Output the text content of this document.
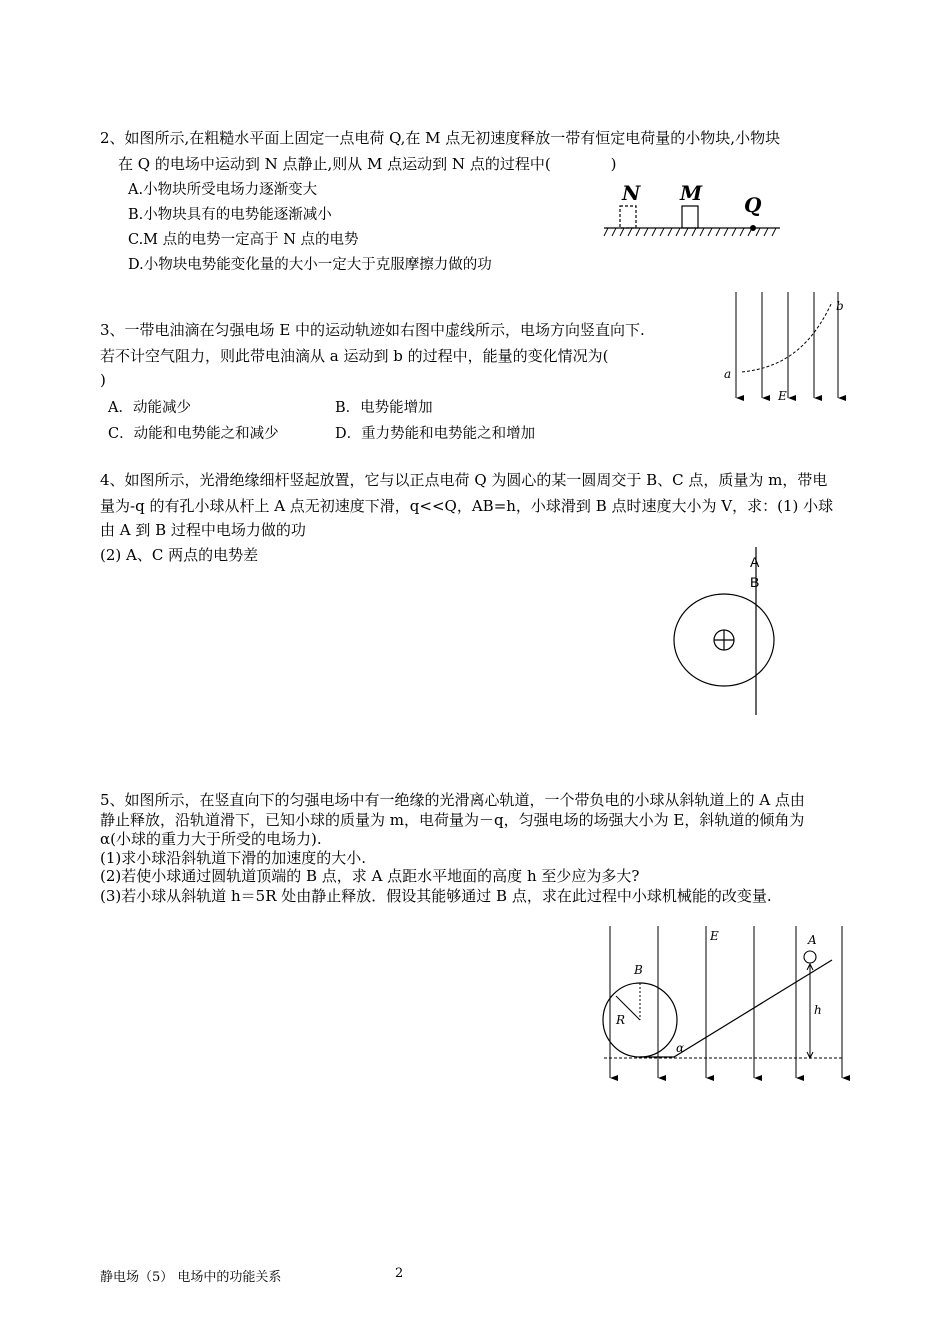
2、如图所示,在粗糙水平面上固定一点电荷 Q,在 M 点无初速度释放一带有恒定电荷量的小物块,小物块
在 Q 的电场中运动到 N 点静止,则从 M 点运动到 N 点的过程中(　　　　)
A.小物块所受电场力逐渐变大
B.小物块具有的电势能逐渐减小
C.M 点的电势一定高于 N 点的电势
D.小物块电势能变化量的大小一定大于克服摩擦力做的功
N M Q
3、一带电油滴在匀强电场 E 中的运动轨迹如右图中虚线所示，电场方向竖直向下.
若不计空气阻力，则此带电油滴从 a 运动到 b 的过程中，能量的变化情况为(
)
A．动能减少	B．电势能增加
C．动能和电势能之和减少	D．重力势能和电势能之和增加
a
b
E
4、如图所示，光滑绝缘细杆竖起放置，它与以正点电荷 Q 为圆心的某一圆周交于 B、C 点，质量为 m，带电
量为-q 的有孔小球从杆上 A 点无初速度下滑，q<<Q，AB=h，小球滑到 B 点时速度大小为 V，求：(1) 小球
由 A 到 B 过程中电场力做的功
(2) A、C 两点的电势差	A
B
5、如图所示，在竖直向下的匀强电场中有一绝缘的光滑离心轨道，一个带负电的小球从斜轨道上的 A 点由
静止释放，沿轨道滑下，已知小球的质量为 m，电荷量为－q，匀强电场的场强大小为 E，斜轨道的倾角为
α(小球的重力大于所受的电场力).
(1)求小球沿斜轨道下滑的加速度的大小.
(2)若使小球通过圆轨道顶端的 B 点，求 A 点距水平地面的高度 h 至少应为多大?
(3)若小球从斜轨道 h＝5R 处由静止释放．假设其能够通过 B 点，求在此过程中小球机械能的改变量.
E
B
R
A
h
α
静电场（5） 电场中的功能关系	2
